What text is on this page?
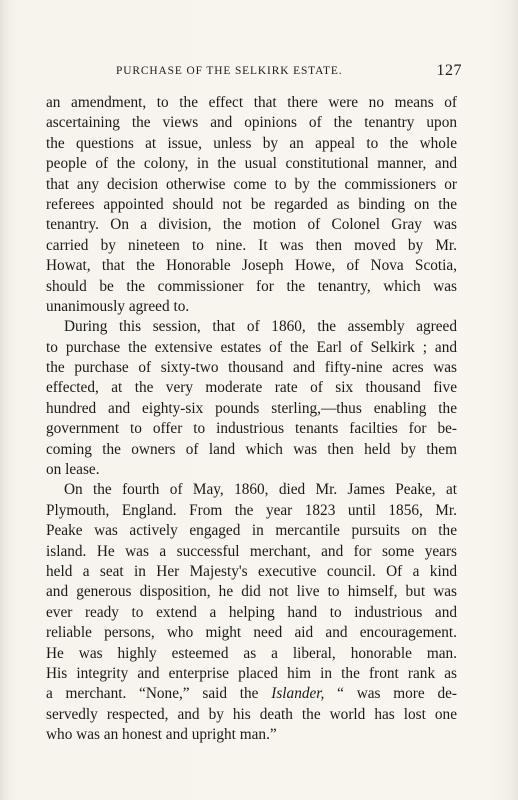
PURCHASE OF THE SELKIRK ESTATE.	127
an amendment, to the effect that there were no means of
ascertaining the views and opinions of the tenantry upon
the questions at issue, unless by an appeal to the whole
people of the colony, in the usual constitutional manner, and
that any decision otherwise come to by the commissioners or
referees appointed should not be regarded as binding on the
tenantry. On a division, the motion of Colonel Gray was
carried by nineteen to nine. It was then moved by Mr.
Howat, that the Honorable Joseph Howe, of Nova Scotia,
should be the commissioner for the tenantry, which was
unanimously agreed to.
During this session, that of 1860, the assembly agreed
to purchase the extensive estates of the Earl of Selkirk ; and
the purchase of sixty-two thousand and fifty-nine acres was
effected, at the very moderate rate of six thousand five
hundred and eighty-six pounds sterling,—thus enabling the
government to offer to industrious tenants facilties for be-
coming the owners of land which was then held by them
on lease.
On the fourth of May, 1860, died Mr. James Peake, at
Plymouth, England. From the year 1823 until 1856, Mr.
Peake was actively engaged in mercantile pursuits on the
island. He was a successful merchant, and for some years
held a seat in Her Majesty's executive council. Of a kind
and generous disposition, he did not live to himself, but was
ever ready to extend a helping hand to industrious and
reliable persons, who might need aid and encouragement.
He was highly esteemed as a liberal, honorable man.
His integrity and enterprise placed him in the front rank as
a merchant. “None,” said the Islander, “ was more de-
servedly respected, and by his death the world has lost one
who was an honest and upright man.”
